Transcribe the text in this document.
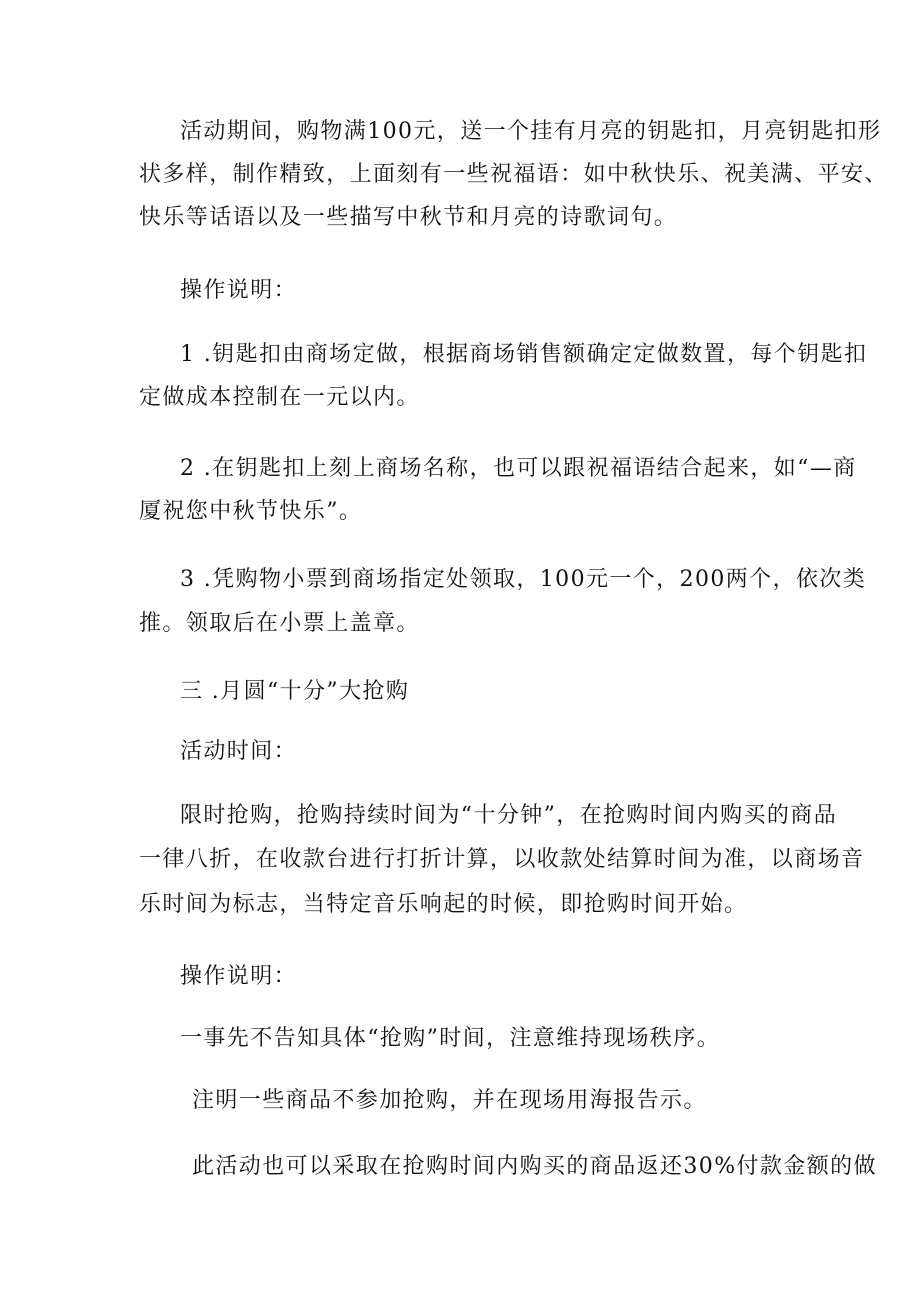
活动期间，购物满100元，送一个挂有月亮的钥匙扣，月亮钥匙扣形
状多样，制作精致，上面刻有一些祝福语：如中秋快乐、祝美满、平安、
快乐等话语以及一些描写中秋节和月亮的诗歌词句。
操作说明：
1 .钥匙扣由商场定做，根据商场销售额确定定做数置，每个钥匙扣
定做成本控制在一元以内。
2 .在钥匙扣上刻上商场名称，也可以跟祝福语结合起来，如“—商
厦祝您中秋节快乐”。
3 .凭购物小票到商场指定处领取，100元一个，200两个，依次类
推。领取后在小票上盖章。
三 .月圆“十分”大抢购
活动时间：
限时抢购，抢购持续时间为“十分钟”，在抢购时间内购买的商品
一律八折，在收款台进行打折计算，以收款处结算时间为准，以商场音
乐时间为标志，当特定音乐响起的时候，即抢购时间开始。
操作说明：
一事先不告知具体“抢购”时间，注意维持现场秩序。
注明一些商品不参加抢购，并在现场用海报告示。
此活动也可以采取在抢购时间内购买的商品返还30%付款金额的做
